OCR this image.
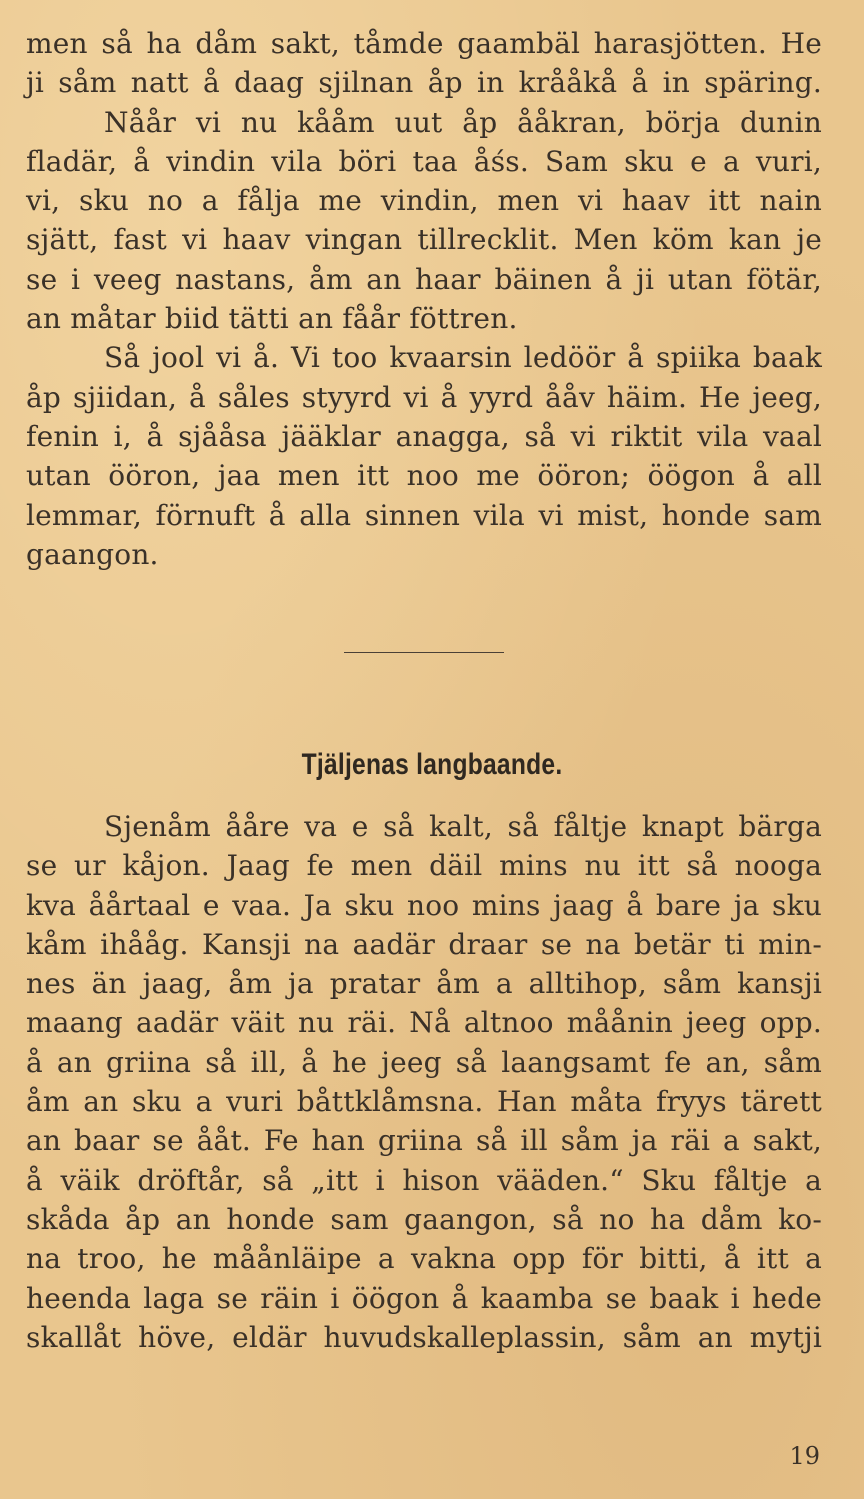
men så ha dåm sakt, tåmde gaambäl harasjötten. He
ji såm natt å daag sjilnan åp in krååkå å in späring.
Nåår vi nu kååm uut åp ååkran, börja dunin
fladär, å vindin vila böri taa åśs. Sam sku e a vuri,
vi, sku no a fålja me vindin, men vi haav itt nain
sjätt, fast vi haav vingan tillrecklit. Men köm kan je
se i veeg nastans, åm an haar bäinen å ji utan fötär,
an måtar biid tätti an fåår föttren.
Så jool vi å. Vi too kvaarsin ledöör å spiika baak
åp sjiidan, å såles styyrd vi å yyrd ååv häim. He jeeg,
fenin i, å sjååsa jääklar anagga, så vi riktit vila vaal
utan ööron, jaa men itt noo me ööron; öögon å all
lemmar, förnuft å alla sinnen vila vi mist, honde sam
gaangon.
Tjäljenas langbaande.
Sjenåm ååre va e så kalt, så fåltje knapt bärga
se ur kåjon. Jaag fe men däil mins nu itt så nooga
kva åårtaal e vaa. Ja sku noo mins jaag å bare ja sku
kåm ihååg. Kansji na aadär draar se na betär ti min-
nes än jaag, åm ja pratar åm a alltihop, såm kansji
maang aadär väit nu räi. Nå altnoo måånin jeeg opp.
å an griina så ill, å he jeeg så laangsamt fe an, såm
åm an sku a vuri båttklåmsna. Han måta fryys tärett
an baar se ååt. Fe han griina så ill såm ja räi a sakt,
å väik dröftår, så „itt i hison vääden.“ Sku fåltje a
skåda åp an honde sam gaangon, så no ha dåm ko-
na troo, he måånläipe a vakna opp för bitti, å itt a
heenda laga se räin i öögon å kaamba se baak i hede
skallåt höve, eldär huvudskalleplassin, såm an mytji
19
